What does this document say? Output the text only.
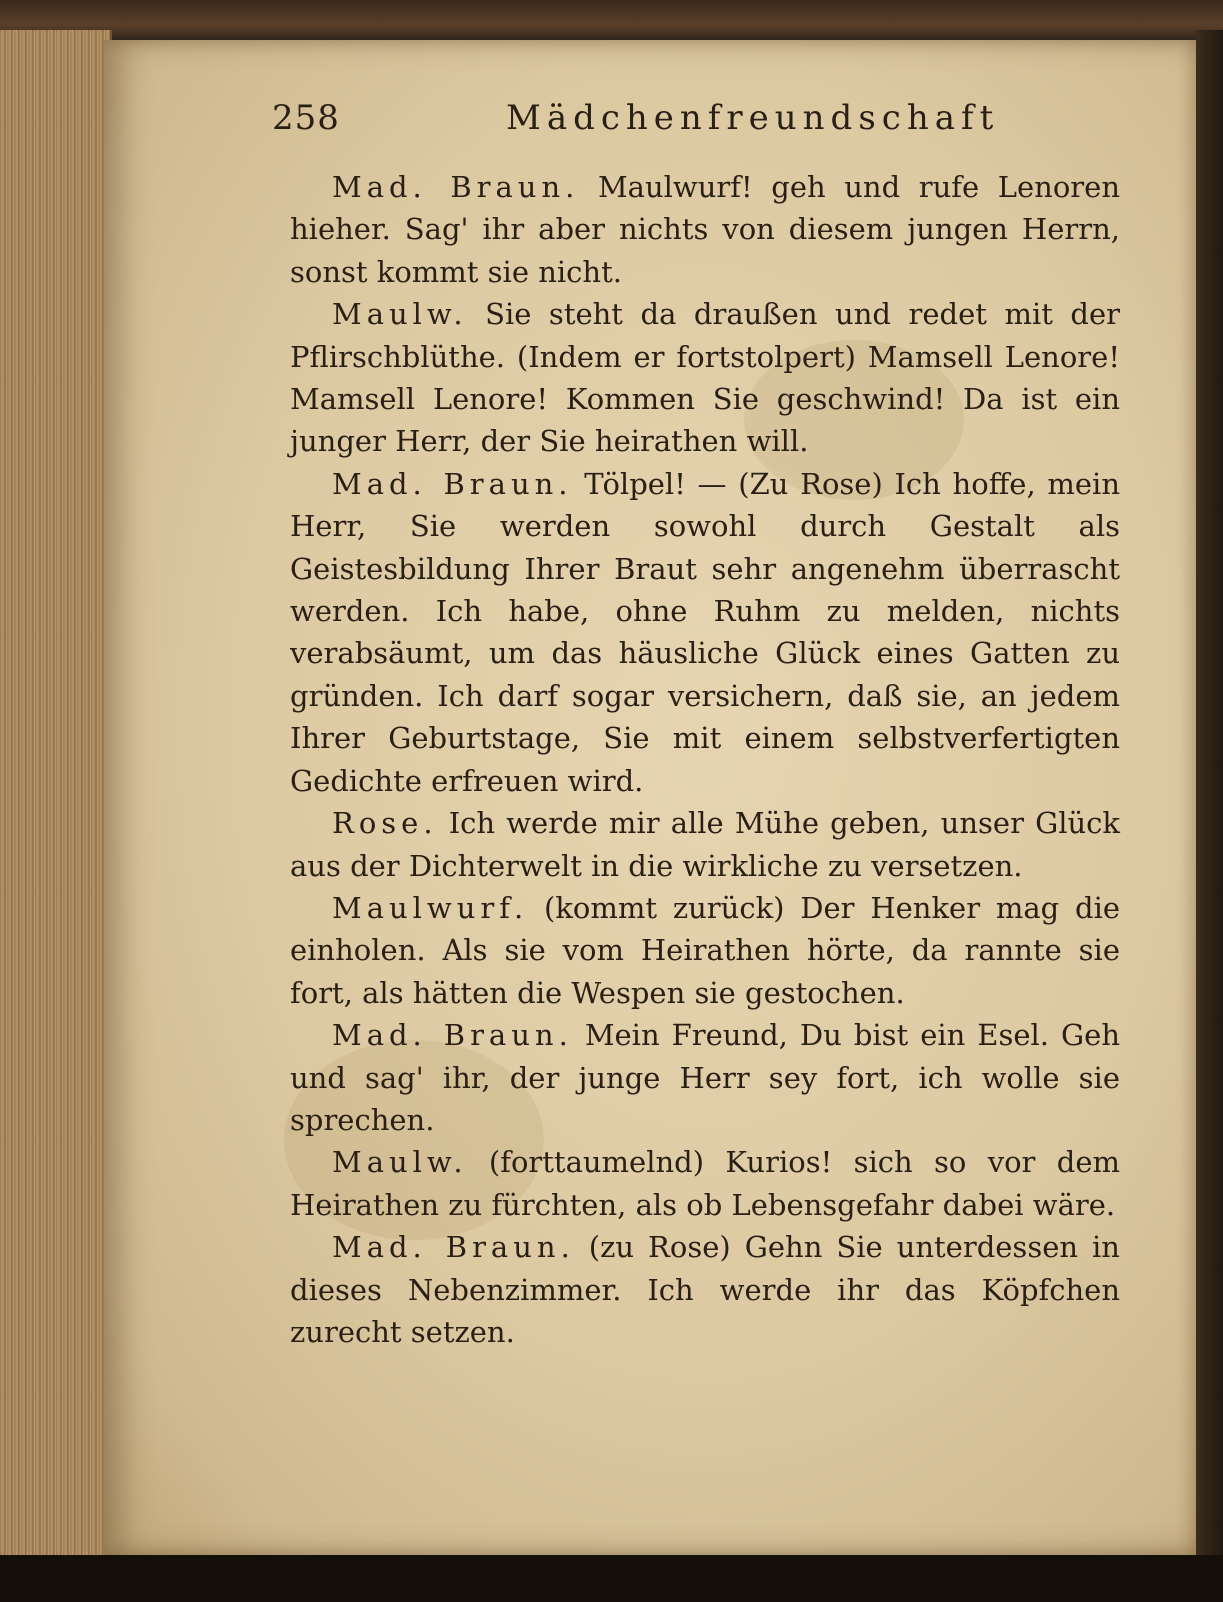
258	Mädchenfreundschaft

Mad. Braun. Maulwurf! geh und rufe Lenoren hieher. Sag' ihr aber nichts von diesem jungen Herrn, sonst kommt sie nicht.

Maulw. Sie steht da draußen und redet mit der Pflirschblüthe. (Indem er fortstolpert) Mamsell Lenore! Mamsell Lenore! Kommen Sie geschwind! Da ist ein junger Herr, der Sie heirathen will.

Mad. Braun. Tölpel! — (Zu Rose) Ich hoffe, mein Herr, Sie werden sowohl durch Gestalt als Geistesbildung Ihrer Braut sehr angenehm überrascht werden. Ich habe, ohne Ruhm zu melden, nichts verabsäumt, um das häusliche Glück eines Gatten zu gründen. Ich darf sogar versichern, daß sie, an jedem Ihrer Geburtstage, Sie mit einem selbstverfertigten Gedichte erfreuen wird.

Rose. Ich werde mir alle Mühe geben, unser Glück aus der Dichterwelt in die wirkliche zu versetzen.

Maulwurf. (kommt zurück) Der Henker mag die einholen. Als sie vom Heirathen hörte, da rannte sie fort, als hätten die Wespen sie gestochen.

Mad. Braun. Mein Freund, Du bist ein Esel. Geh und sag' ihr, der junge Herr sey fort, ich wolle sie sprechen.

Maulw. (forttaumelnd) Kurios! sich so vor dem Heirathen zu fürchten, als ob Lebensgefahr dabei wäre.

Mad. Braun. (zu Rose) Gehn Sie unterdessen in dieses Nebenzimmer. Ich werde ihr das Köpfchen zurecht setzen.
